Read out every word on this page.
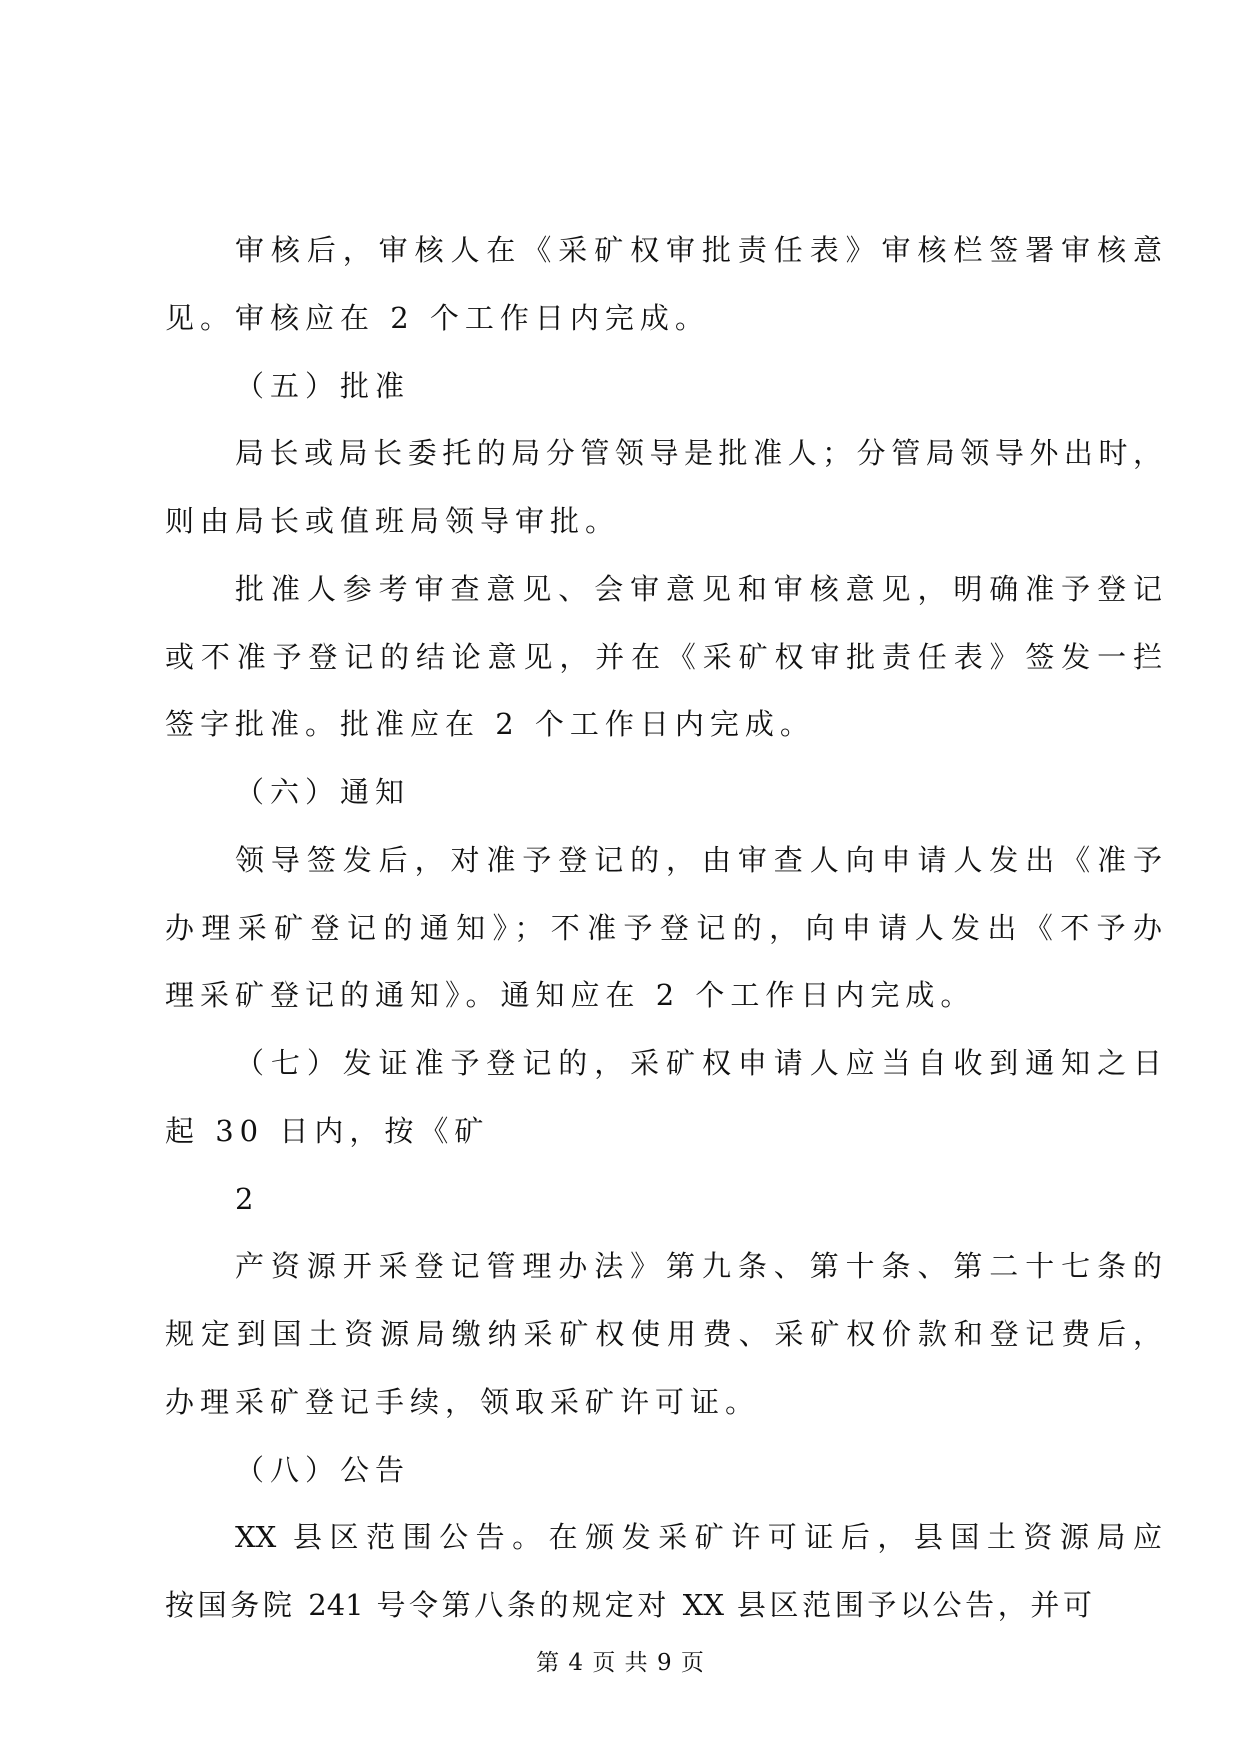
审核后，审核人在《采矿权审批责任表》审核栏签署审核意
见。审核应在 2 个工作日内完成。
（五）批准
局长或局长委托的局分管领导是批准人；分管局领导外出时，
则由局长或值班局领导审批。
批准人参考审查意见、会审意见和审核意见，明确准予登记
或不准予登记的结论意见，并在《采矿权审批责任表》签发一拦
签字批准。批准应在 2 个工作日内完成。
（六）通知
领导签发后，对准予登记的，由审查人向申请人发出《准予
办理采矿登记的通知》；不准予登记的，向申请人发出《不予办
理采矿登记的通知》。通知应在 2 个工作日内完成。
（七）发证准予登记的，采矿权申请人应当自收到通知之日
起 30 日内，按《矿
2
产资源开采登记管理办法》第九条、第十条、第二十七条的
规定到国土资源局缴纳采矿权使用费、采矿权价款和登记费后，
办理采矿登记手续，领取采矿许可证。
（八）公告
XX 县区范围公告。在颁发采矿许可证后，县国土资源局应
按国务院 241 号令第八条的规定对 XX 县区范围予以公告，并可
第 4 页 共 9 页
